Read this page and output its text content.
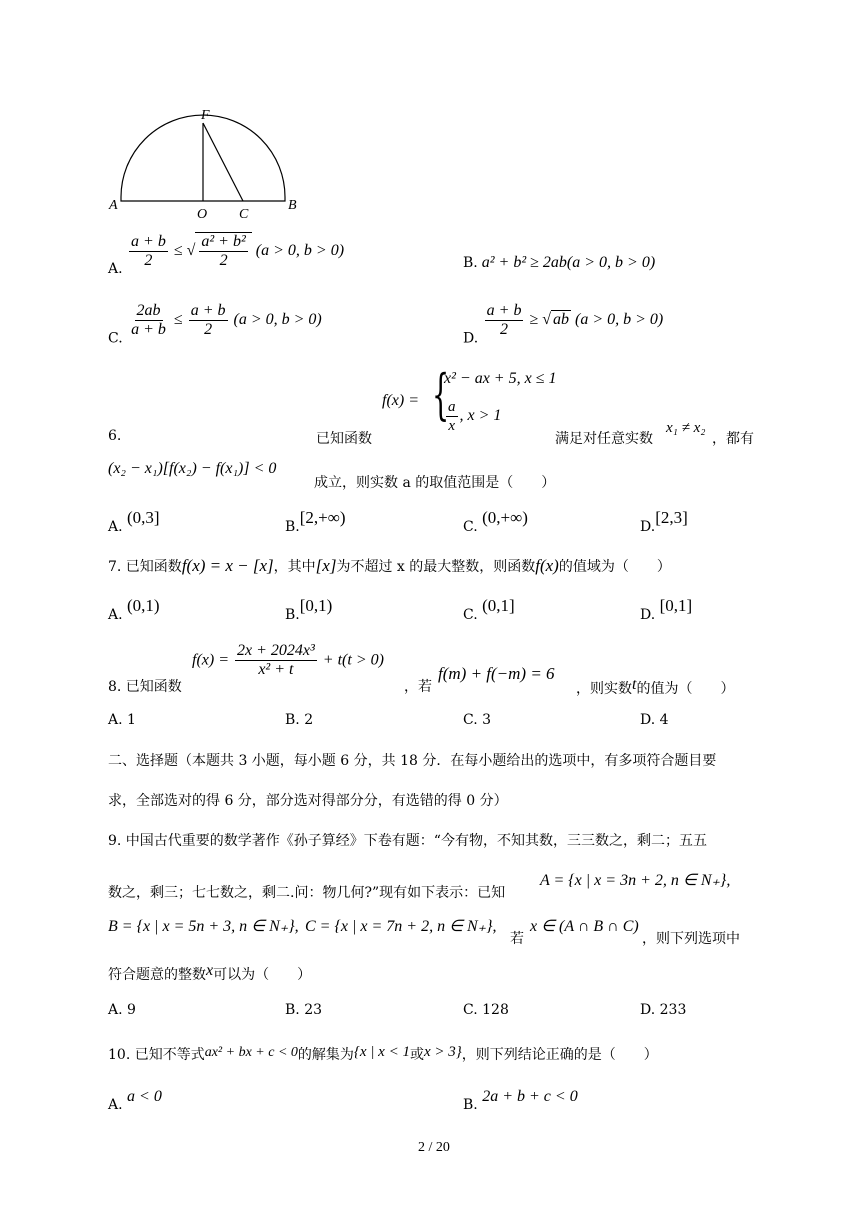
F
A
O C
B
A. $\frac{a + b}{2}$ ≤ √ $\frac{\text{a² + b²}}{2} (a > 0$, b > 0)
B. a² + b² ≥ 2ab(a > 0, b > 0)
C. $\frac{2ab}{a + b} \le \frac{a + b}{2} (a > 0$, b > 0)
D. $\frac{a + b}{2}$ ≥ √ ab (a > 0, b > 0)
6.	已知函数
f(x) = {
x² − ax + 5, x ≤ 1
$\frac{a}{x}$ , x > 1
满足对任意实数
x₁ ≠ x₂
，都有
(x₂ − x₁)[f(x₂) − f(x₁)] < 0
成立，则实数 a 的取值范围是（　　）
A. (0,3]	B.[2,+∞)	C. (0,+∞)	D.[2,3]
7. 已知函数f(x) = x − [x]，其中[x]为不超过 x 的最大整数，则函数f(x)的值域为（　　）
A. (0,1)	B.[0,1)	C. (0,1]	D. [0,1]
8. 已知函数
$f(x) = \frac{\text{2x + 2024x³}}{\text{x² + t}} + t(t > 0)$
，若
f(m) + f(−m) = 6
，则实数t的值为（　　）
A. 1	B. 2	C. 3	D. 4
二、选择题（本题共 3 小题，每小题 6 分，共 18 分．在每小题给出的选项中，有多项符合题目要
求，全部选对的得 6 分，部分选对得部分分，有选错的得 0 分）
9. 中国古代重要的数学著作《孙子算经》下卷有题：“今有物，不知其数，三三数之，剩二；五五
数之，剩三；七七数之，剩二.问：物几何?”现有如下表示：已知
A = {x | x = 3n + 2, n ∈ N₊},
B = {x | x = 5n + 3, n ∈ N₊}, C = {x | x = 7n + 2, n ∈ N₊},
若
x ∈ (A ∩ B ∩ C)
，则下列选项中
符合题意的整数x可以为（　　）
A. 9	B. 23	C. 128	D. 233
10. 已知不等式ax² + bx + c < 0的解集为{x | x < 1或x > 3}，则下列结论正确的是（　　）
A. a < 0	B. 2a + b + c < 0
2 / 20
